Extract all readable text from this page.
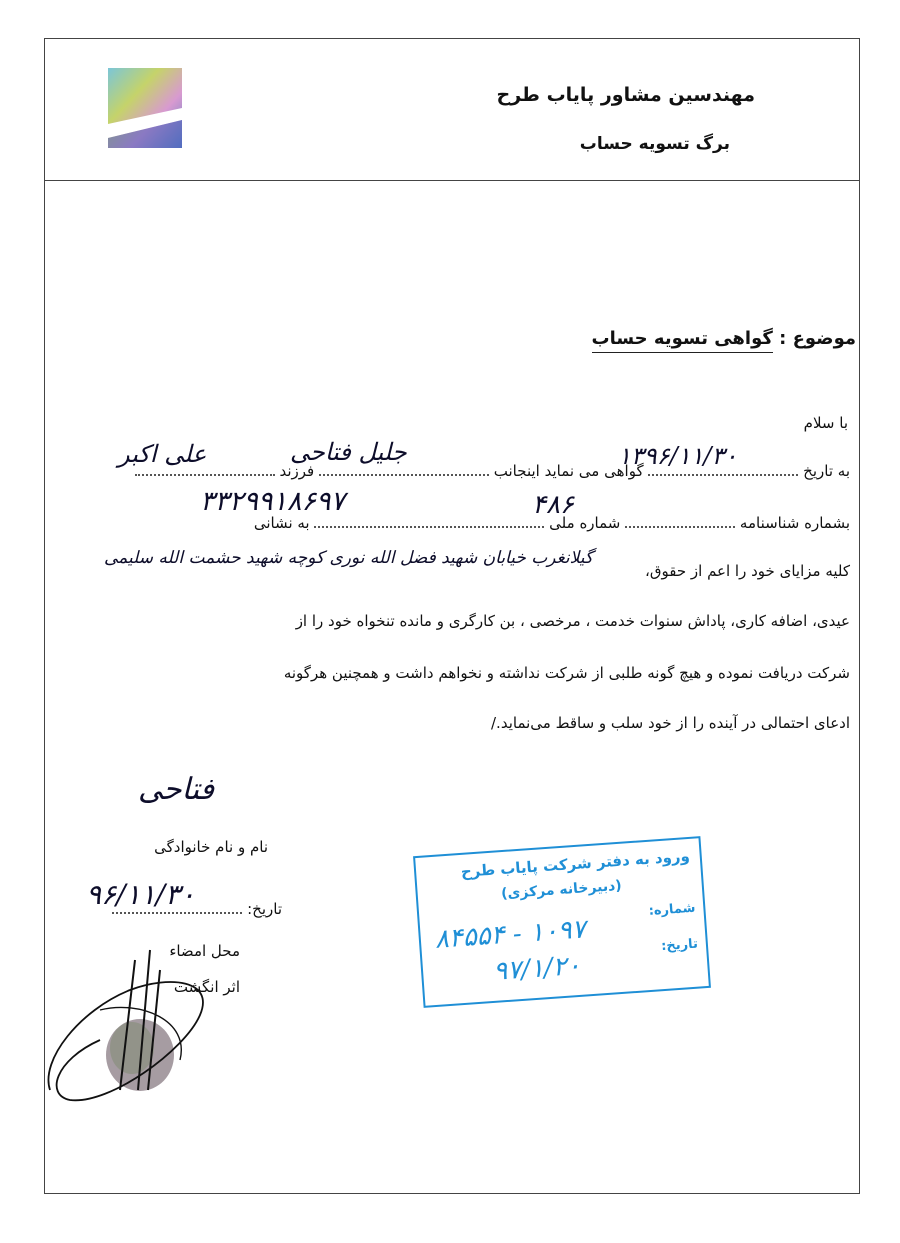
مهندسین مشاور پایاب طرح
برگ تسویه حساب
موضوع : گواهی تسویه حساب
با سلام
به تاریخ  گواهی می نماید اینجانب  فرزند
۱۳۹۶/۱۱/۳۰
جلیل فتاحی
علی اکبر
بشماره شناسنامه  شماره ملی  به نشانی
۴۸۶
۳۳۲۹۹۱۸۶۹۷
کلیه مزایای خود را اعم از حقوق،
گیلانغرب خیابان شهید فضل الله نوری کوچه شهید حشمت الله سلیمی
عیدی، اضافه کاری، پاداش سنوات خدمت ، مرخصی ، بن کارگری و مانده تنخواه خود را از
شرکت دریافت نموده و هیچ گونه طلبی از شرکت نداشته و نخواهم داشت و همچنین هرگونه
ادعای احتمالی در آینده را از خود سلب و ساقط می‌نماید./
فتاحی
نام و نام خانوادگی
تاریخ:
۹۶/۱۱/۳۰
محل امضاء
اثر انگشت
ورود به دفتر شرکت پایاب طرح
(دبیرخانه مرکزی)
شماره:
تاریخ:
۱۰۹۷ - ۸۴۵۵۴
۹۷/۱/۲۰
